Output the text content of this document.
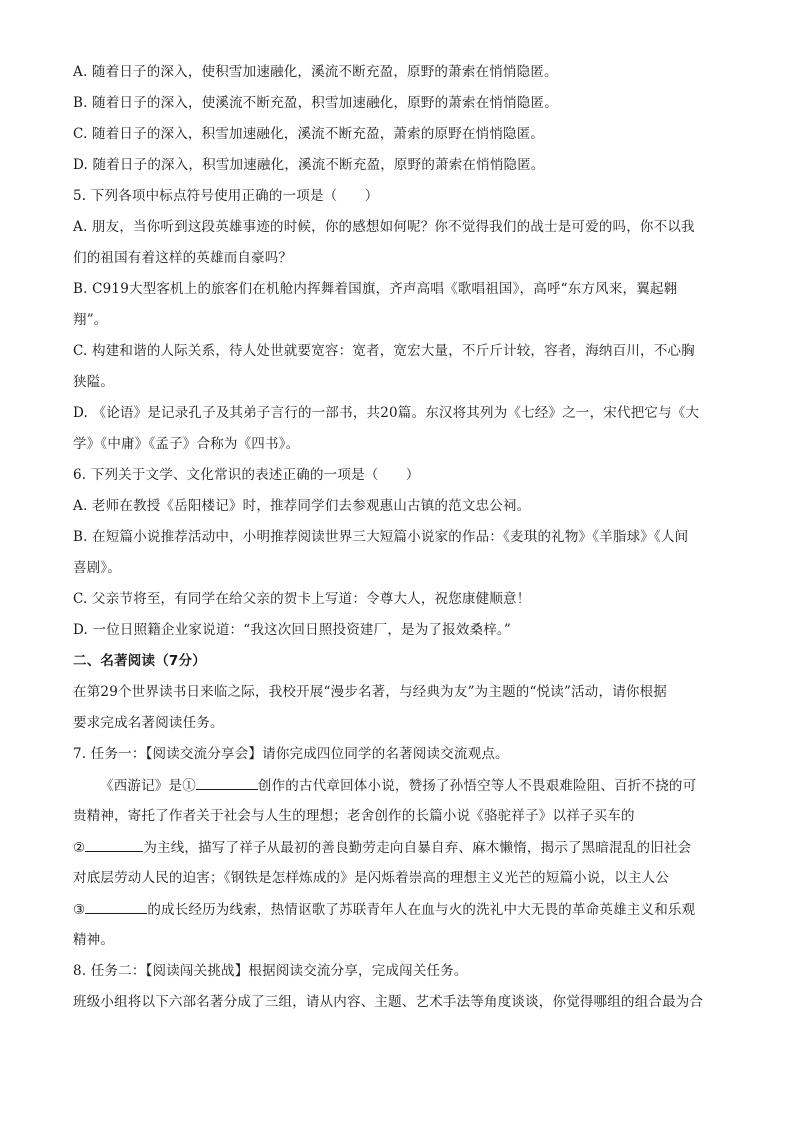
A. 随着日子的深入，使积雪加速融化，溪流不断充盈，原野的萧索在悄悄隐匿。
B. 随着日子的深入，使溪流不断充盈，积雪加速融化，原野的萧索在悄悄隐匿。
C. 随着日子的深入，积雪加速融化，溪流不断充盈，萧索的原野在悄悄隐匿。
D. 随着日子的深入，积雪加速融化，溪流不断充盈，原野的萧索在悄悄隐匿。
5. 下列各项中标点符号使用正确的一项是（　　）
A. 朋友，当你听到这段英雄事迹的时候，你的感想如何呢？你不觉得我们的战士是可爱的吗，你不以我
们的祖国有着这样的英雄而自豪吗？
B. C919大型客机上的旅客们在机舱内挥舞着国旗，齐声高唱《歌唱祖国》，高呼“东方风来，翼起翱
翔”。
C. 构建和谐的人际关系，待人处世就要宽容：宽者，宽宏大量，不斤斤计较，容者，海纳百川，不心胸
狭隘。
D. 《论语》是记录孔子及其弟子言行的一部书，共20篇。东汉将其列为《七经》之一，宋代把它与《大
学》《中庸》《孟子》合称为《四书》。
6. 下列关于文学、文化常识的表述正确的一项是（　　）
A. 老师在教授《岳阳楼记》时，推荐同学们去参观惠山古镇的范文忠公祠。
B. 在短篇小说推荐活动中，小明推荐阅读世界三大短篇小说家的作品：《麦琪的礼物》《羊脂球》《人间
喜剧》。
C. 父亲节将至，有同学在给父亲的贺卡上写道：令尊大人，祝您康健顺意！
D. 一位日照籍企业家说道：“我这次回日照投资建厂，是为了报效桑梓。”
二、名著阅读（7分）
在第29个世界读书日来临之际，我校开展“漫步名著，与经典为友”为主题的“悦读”活动，请你根据
要求完成名著阅读任务。
7. 任务一：【阅读交流分享会】请你完成四位同学的名著阅读交流观点。
《西游记》是①	创作的古代章回体小说，赞扬了孙悟空等人不畏艰难险阻、百折不挠的可
贵精神，寄托了作者关于社会与人生的理想；老舍创作的长篇小说《骆驼祥子》以祥子买车的
②	为主线，描写了祥子从最初的善良勤劳走向自暴自弃、麻木懒惰，揭示了黑暗混乱的旧社会
对底层劳动人民的迫害；《钢铁是怎样炼成的》是闪烁着崇高的理想主义光芒的短篇小说，以主人公
③	的成长经历为线索，热情讴歌了苏联青年人在血与火的洗礼中大无畏的革命英雄主义和乐观
精神。
8. 任务二：【阅读闯关挑战】根据阅读交流分享，完成闯关任务。
班级小组将以下六部名著分成了三组，请从内容、主题、艺术手法等角度谈谈，你觉得哪组的组合最为合
